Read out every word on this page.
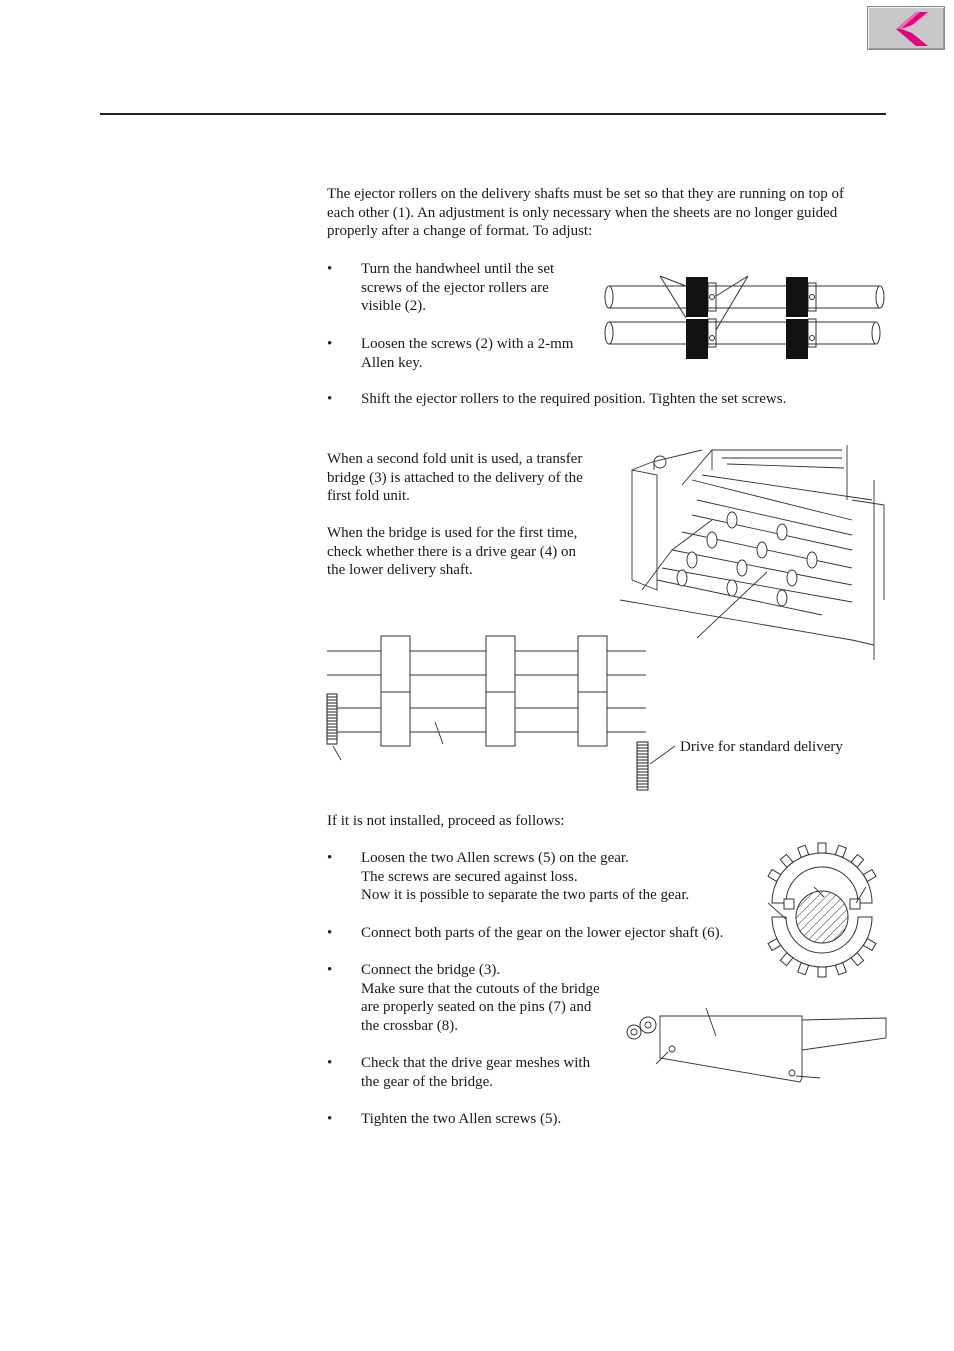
The ejector rollers on the delivery shafts must be set so that they are running on top of
each other (1). An adjustment is only necessary when the sheets are no longer guided
properly after a change of format. To adjust:
• Turn the handwheel until the set
screws of the ejector rollers are
visible (2).
• Loosen the screws (2) with a 2-mm
Allen key.
• Shift the ejector rollers to the required position. Tighten the set screws.
When a second fold unit is used, a transfer
bridge (3) is attached to the delivery of the
first fold unit.
When the bridge is used for the first time,
check whether there is a drive gear (4) on
the lower delivery shaft.
Drive for standard delivery
If it is not installed, proceed as follows:
• Loosen the two Allen screws (5) on the gear.
The screws are secured against loss.
Now it is possible to separate the two parts of the gear.
• Connect both parts of the gear on the lower ejector shaft (6).
• Connect the bridge (3).
Make sure that the cutouts of the bridge
are properly seated on the pins (7) and
the crossbar (8).
• Check that the drive gear meshes with
the gear of the bridge.
• Tighten the two Allen screws (5).
